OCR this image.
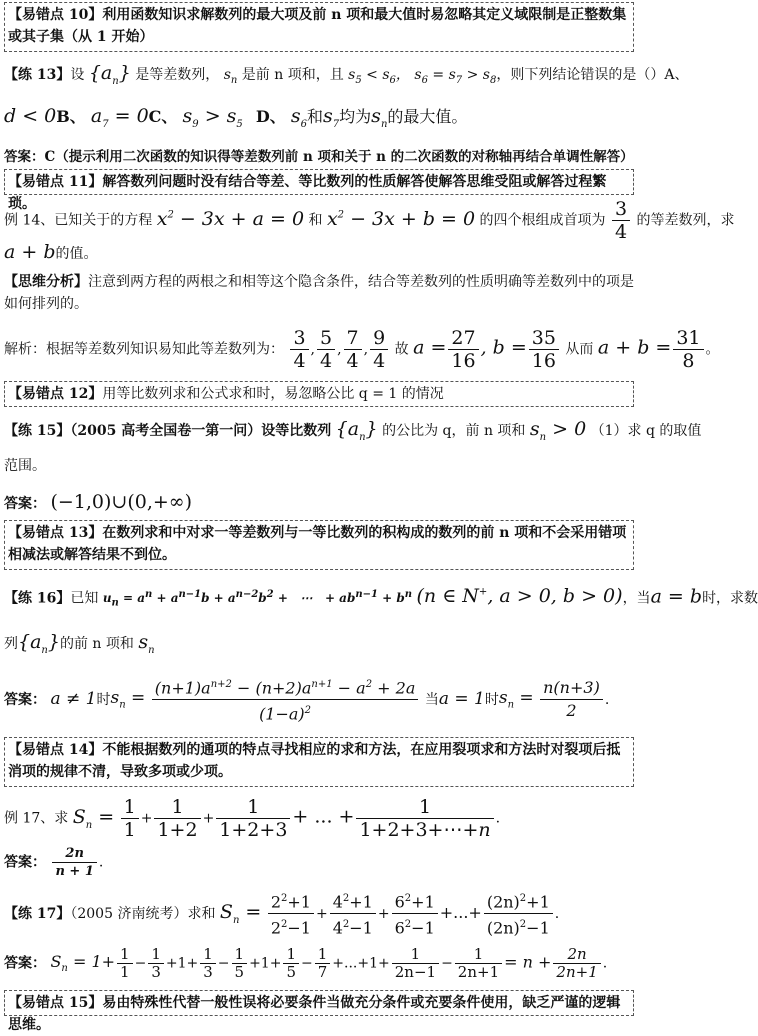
【易错点 10】利用函数知识求解数列的最大项及前 n 项和最大值时易忽略其定义域限制是正整数集或其子集（从 1 开始）
【练 13】设 $\{a_n\}$ 是等差数列， $s_n$ 是前 n 项和，且 $s_5 < s_6$， $s_6 = s_7 > s_8$，则下列结论错误的是（）A、
d < 0B、 $a_7 = 0C$、 $s_9 > s_5$ D、 $s_6$和$s_7$均为$s_n$的最大值。
答案：C（提示利用二次函数的知识得等差数列前 n 项和关于 n 的二次函数的对称轴再结合单调性解答）
【易错点 11】解答数列问题时没有结合等差、等比数列的性质解答使解答思维受阻或解答过程繁琐。
例 14、已知关于的方程 $x^2 - 3x + a = 0$ 和 $x^2 - 3x + b = 0$ 的四个根组成首项为 $\frac{3}{4}$ 的等差数列，求
a + b的值。
【思维分析】注意到两方程的两根之和相等这个隐含条件，结合等差数列的性质明确等差数列中的项是如何排列的。
解析：根据等差数列知识易知此等差数列为： $\frac{3}{4}$ , $\frac{5}{4}$ , $\frac{7}{4}$ , $\frac{9}{4}$ 故 $a = \frac{27}{16}$ , $b = \frac{35}{16}$ 从而 $a + b = \frac{31}{8}$ 。
【易错点 12】用等比数列求和公式求和时，易忽略公比 q = 1 的情况
【练 15】（2005 高考全国卷一第一问）设等比数列 $\{a_n\}$ 的公比为 q，前 n 项和 $s_n > 0$ （1）求 q 的取值
范围。
答案： (−1,0)∪(0,+∞)
【易错点 13】在数列求和中对求一等差数列与一等比数列的积构成的数列的前 n 项和不会采用错项相减法或解答结果不到位。
【练 16】已知 $u_n = a^n + a^{n-1}b + a^{n-2}b^2$ +   ⋯   + $ab^{n-1} + b^n$ (n ∈ N+, a > 0, b > 0)，当a = b时，求数
列$\{a_n\}$的前 n 项和 $s_n$
答案： a ≠ 1时$s_n = \frac{(n+1)a^{n+2} - (n+2)a^{n+1} - a^2 + 2a}{(1-a)^2}$ 当a = 1时$s_n = \frac{n(n+3)}{2}$ .
【易错点 14】不能根据数列的通项的特点寻找相应的求和方法，在应用裂项求和方法时对裂项后抵消项的规律不清，导致多项或少项。
例 17、求 $S_n = \frac{1}{1} + \frac{1}{1+2} + \frac{1}{1+2+3}$ + ... + $\frac{1}{1+2+3+\cdots+n}$ .
答案： $\frac{2n}{n + 1}$ .
【练 17】（2005 济南统考）求和 $S_n = \frac{2^2+1}{2^2-1} + \frac{4^2+1}{4^2-1} + \frac{6^2+1}{6^2-1}$ +...+ $\frac{(2n)^2+1}{(2n)^2-1}$ .
答案： $S_n = 1+ \frac{1}{1} - \frac{1}{3} +1+ \frac{1}{3} - \frac{1}{5} +1+ \frac{1}{5} - \frac{1}{7} +...+1+ \frac{1}{2n-1} - \frac{1}{2n+1} = n + \frac{2n}{2n+1}$ .
【易错点 15】易由特殊性代替一般性误将必要条件当做充分条件或充要条件使用，缺乏严谨的逻辑思维。
